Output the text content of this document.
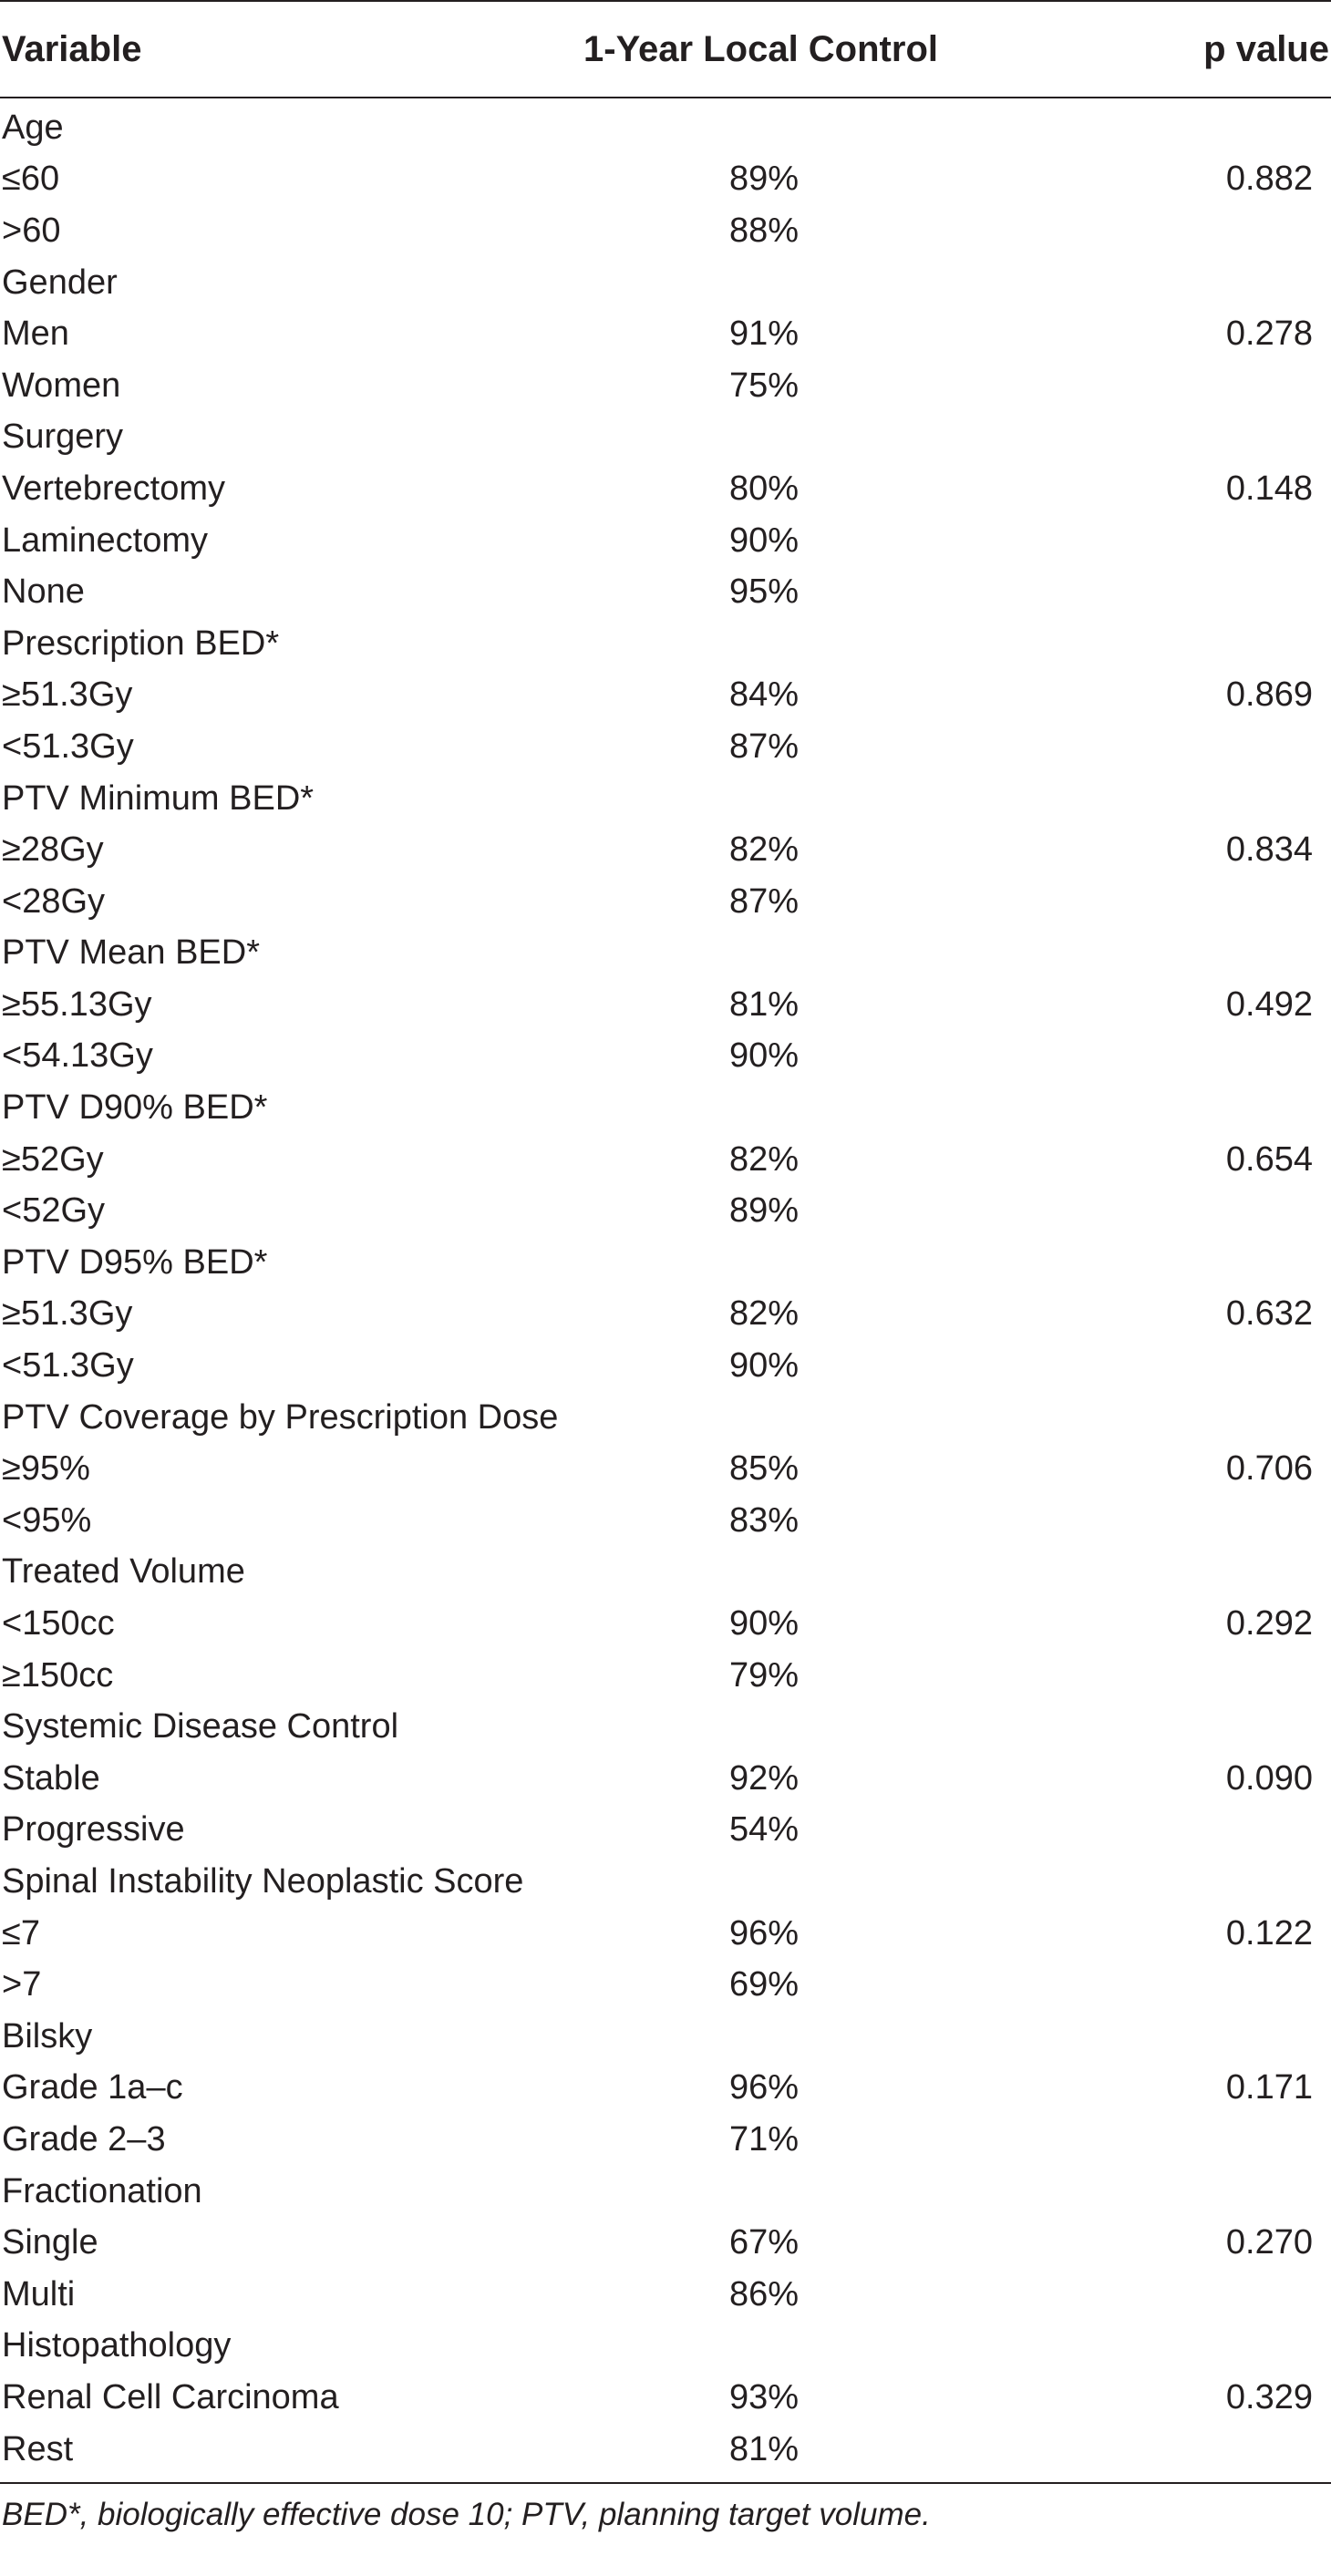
Variable	1-Year Local Control	p value
Age
≤60	89%	0.882
>60	88%
Gender
Men	91%	0.278
Women	75%
Surgery
Vertebrectomy	80%	0.148
Laminectomy	90%
None	95%
Prescription BED*
≥51.3Gy	84%	0.869
<51.3Gy	87%
PTV Minimum BED*
≥28Gy	82%	0.834
<28Gy	87%
PTV Mean BED*
≥55.13Gy	81%	0.492
<54.13Gy	90%
PTV D90% BED*
≥52Gy	82%	0.654
<52Gy	89%
PTV D95% BED*
≥51.3Gy	82%	0.632
<51.3Gy	90%
PTV Coverage by Prescription Dose
≥95%	85%	0.706
<95%	83%
Treated Volume
<150cc	90%	0.292
≥150cc	79%
Systemic Disease Control
Stable	92%	0.090
Progressive	54%
Spinal Instability Neoplastic Score
≤7	96%	0.122
>7	69%
Bilsky
Grade 1a–c	96%	0.171
Grade 2–3	71%
Fractionation
Single	67%	0.270
Multi	86%
Histopathology
Renal Cell Carcinoma	93%	0.329
Rest	81%
BED*, biologically effective dose 10; PTV, planning target volume.
